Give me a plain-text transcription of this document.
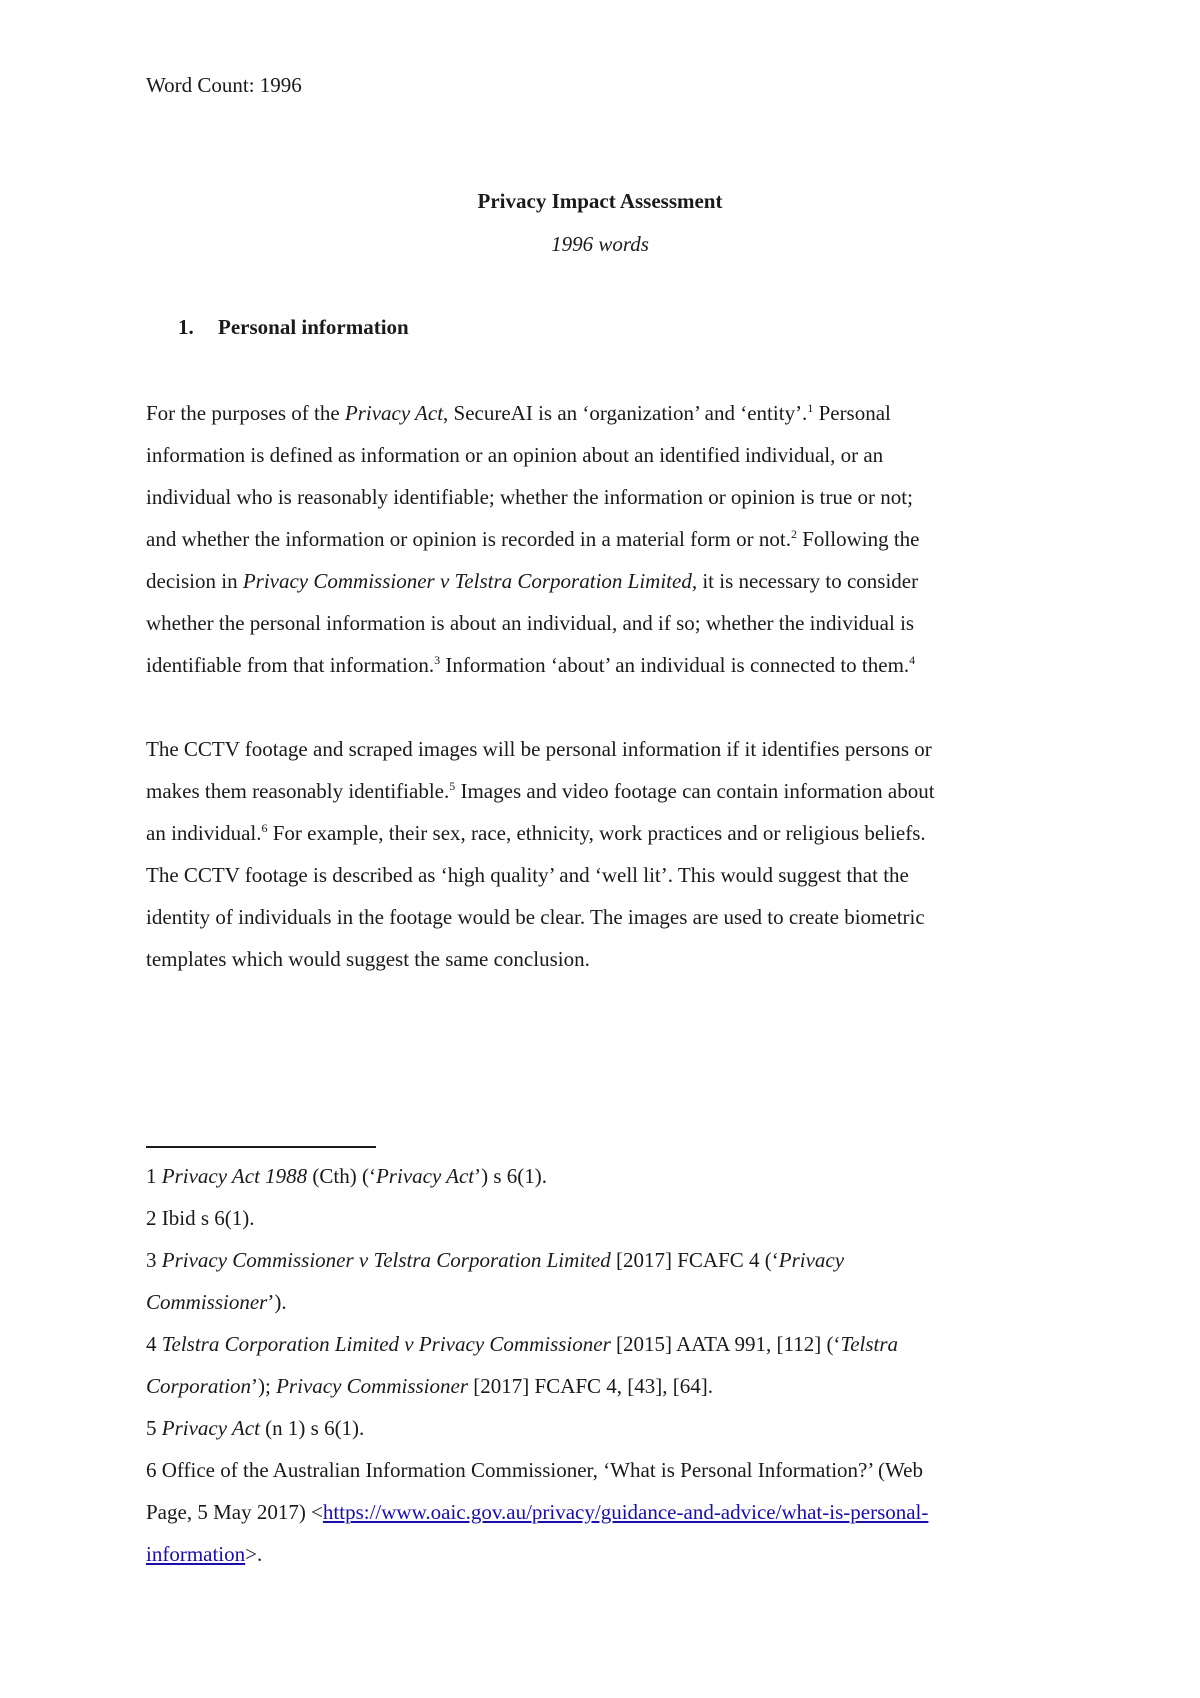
Word Count: 1996
Privacy Impact Assessment
1996 words
1. Personal information
For the purposes of the Privacy Act, SecureAI is an ‘organization’ and ‘entity’.$^1$ Personal
information is defined as information or an opinion about an identified individual, or an
individual who is reasonably identifiable; whether the information or opinion is true or not;
and whether the information or opinion is recorded in a material form or not.$^2$ Following the
decision in Privacy Commissioner v Telstra Corporation Limited, it is necessary to consider
whether the personal information is about an individual, and if so; whether the individual is
identifiable from that information.$^3$ Information ‘about’ an individual is connected to them.$^4$
The CCTV footage and scraped images will be personal information if it identifies persons or
makes them reasonably identifiable.$^5$ Images and video footage can contain information about
an individual.$^6$ For example, their sex, race, ethnicity, work practices and or religious beliefs.
The CCTV footage is described as ‘high quality’ and ‘well lit’. This would suggest that the
identity of individuals in the footage would be clear. The images are used to create biometric
templates which would suggest the same conclusion.
1 Privacy Act 1988 (Cth) (‘Privacy Act’) s 6(1).
2 Ibid s 6(1).
3 Privacy Commissioner v Telstra Corporation Limited [2017] FCAFC 4 (‘Privacy
Commissioner’).
4 Telstra Corporation Limited v Privacy Commissioner [2015] AATA 991, [112] (‘Telstra
Corporation’); Privacy Commissioner [2017] FCAFC 4, [43], [64].
5 Privacy Act (n 1) s 6(1).
6 Office of the Australian Information Commissioner, ‘What is Personal Information?’ (Web
Page, 5 May 2017) <https://www.oaic.gov.au/privacy/guidance-and-advice/what-is-personal-
information>.
